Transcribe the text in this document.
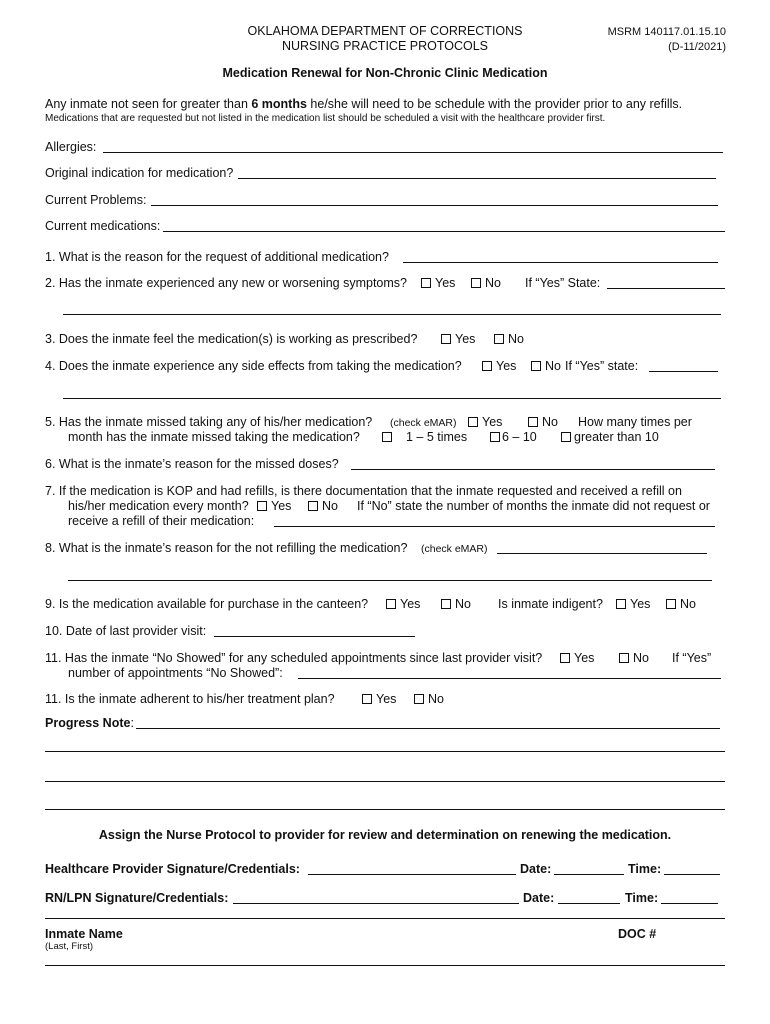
OKLAHOMA DEPARTMENT OF CORRECTIONS
NURSING PRACTICE PROTOCOLS
MSRM 140117.01.15.10
(D-11/2021)
Medication Renewal for Non-Chronic Clinic Medication
Any inmate not seen for greater than 6 months he/she will need to be schedule with the provider prior to any refills.
Medications that are requested but not listed in the medication list should be scheduled a visit with the healthcare provider first.
Allergies:
Original indication for medication?
Current Problems:
Current medications:
1. What is the reason for the request of additional medication?
2. Has the inmate experienced any new or worsening symptoms?	Yes	No If “Yes” State:
3. Does the inmate feel the medication(s) is working as prescribed?	Yes	No
4. Does the inmate experience any side effects from taking the medication?	Yes	No If “Yes” state:
5. Has the inmate missed taking any of his/her medication? (check eMAR)	Yes	No How many times per
month has the inmate missed taking the medication?	1 – 5 times	6 – 10	greater than 10
6. What is the inmate’s reason for the missed doses?
7. If the medication is KOP and had refills, is there documentation that the inmate requested and received a refill on
his/her medication every month?	Yes	No If “No” state the number of months the inmate did not request or
receive a refill of their medication:
8. What is the inmate’s reason for the not refilling the medication? (check eMAR)
9. Is the medication available for purchase in the canteen?	Yes	No Is inmate indigent?	Yes	No
10. Date of last provider visit:
11. Has the inmate “No Showed” for any scheduled appointments since last provider visit?	Yes	No If “Yes”
number of appointments “No Showed”:
11. Is the inmate adherent to his/her treatment plan?	Yes	No
Progress Note:
Assign the Nurse Protocol to provider for review and determination on renewing the medication.
Healthcare Provider Signature/Credentials:	Date:	Time:
RN/LPN Signature/Credentials:	Date:	Time:
Inmate Name
(Last, First)
DOC #
